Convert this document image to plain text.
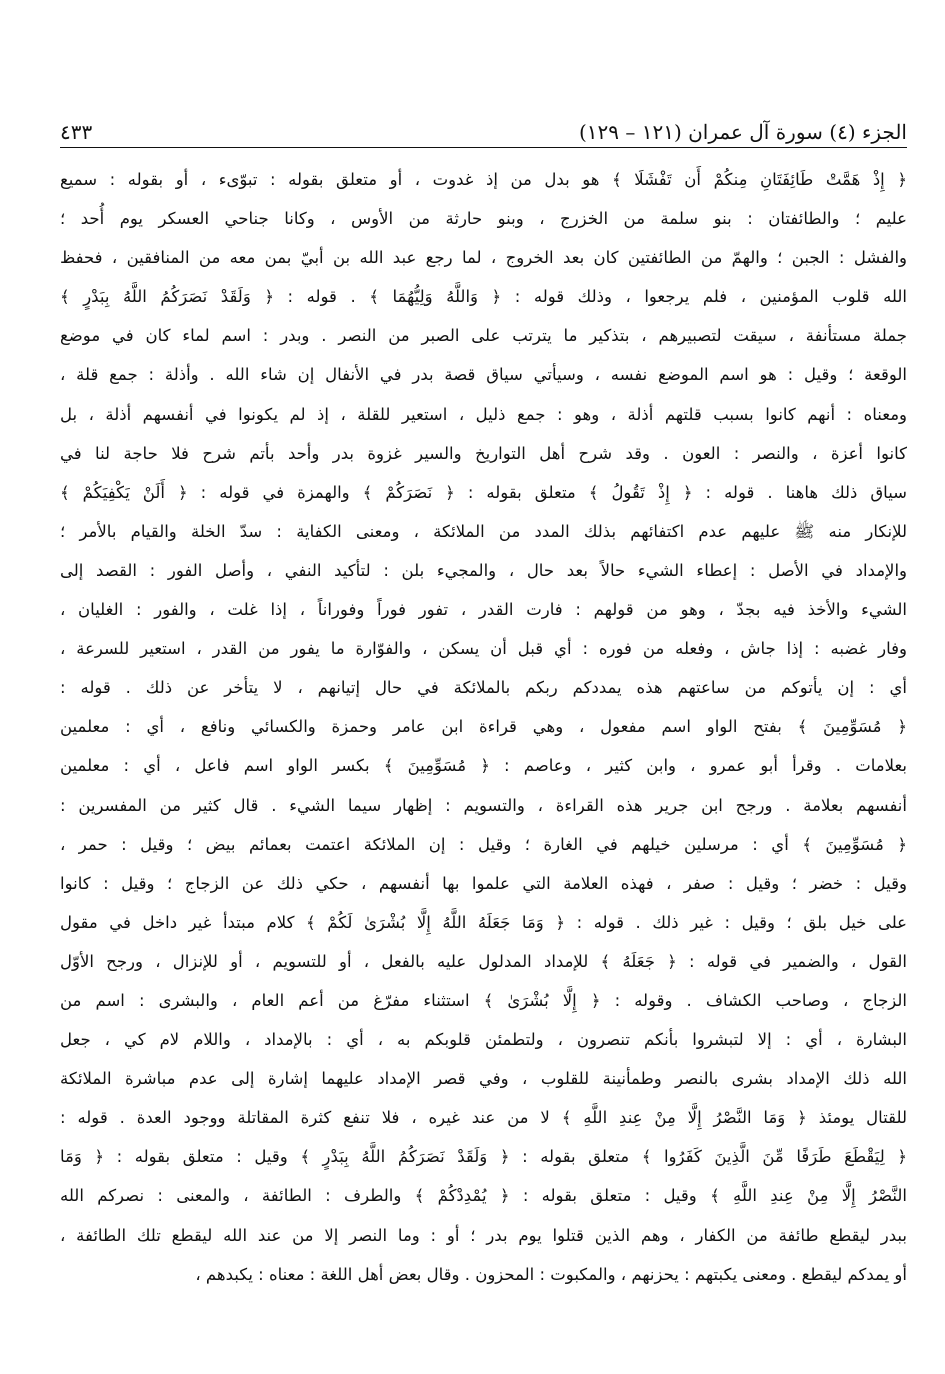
الجزء (٤) سورة آل عمران (١٢١ – ١٢٩)
٤٣٣
﴿ إِذْ هَمَّتْ طَائِفَتَانِ مِنكُمْ أَن تَفْشَلَا ﴾ هو بدل من إذ غدوت ، أو متعلق بقوله : تبوّىء ، أو بقوله : سميع
عليم ؛ والطائفتان : بنو سلمة من الخزرج ، وبنو حارثة من الأوس ، وكانا جناحي العسكر يوم أُحد ؛
والفشل : الجبن ؛ والهمّ من الطائفتين كان بعد الخروج ، لما رجع عبد الله بن أبيّ بمن معه من المنافقين ، فحفظ
الله قلوب المؤمنين ، فلم يرجعوا ، وذلك قوله : ﴿ وَاللَّهُ وَلِيُّهُمَا ﴾ . قوله : ﴿ وَلَقَدْ نَصَرَكُمُ اللَّهُ بِبَدْرٍ ﴾
جملة مستأنفة ، سيقت لتصبيرهم ، بتذكير ما يترتب على الصبر من النصر . وبدر : اسم لماء كان في موضع
الوقعة ؛ وقيل : هو اسم الموضع نفسه ، وسيأتي سياق قصة بدر في الأنفال إن شاء الله . وأذلة : جمع قلة ،
ومعناه : أنهم كانوا بسبب قلتهم أذلة ، وهو : جمع ذليل ، استعير للقلة ، إذ لم يكونوا في أنفسهم أذلة ، بل
كانوا أعزة ، والنصر : العون . وقد شرح أهل التواريخ والسير غزوة بدر وأحد بأتم شرح فلا حاجة لنا في
سياق ذلك هاهنا . قوله : ﴿ إِذْ تَقُولُ ﴾ متعلق بقوله : ﴿ نَصَرَكُمْ ﴾ والهمزة في قوله : ﴿ أَلَنْ يَكْفِيَكُمْ ﴾
للإنكار منه ﷺ عليهم عدم اكتفائهم بذلك المدد من الملائكة ، ومعنى الكفاية : سدّ الخلة والقيام بالأمر ؛
والإمداد في الأصل : إعطاء الشيء حالاً بعد حال ، والمجيء بلن : لتأكيد النفي ، وأصل الفور : القصد إلى
الشيء والأخذ فيه بجدّ ، وهو من قولهم : فارت القدر ، تفور فوراً وفوراناً ، إذا غلت ، والفور : الغليان ،
وفار غضبه : إذا جاش ، وفعله من فوره : أي قبل أن يسكن ، والفوّارة ما يفور من القدر ، استعير للسرعة ،
أي : إن يأتوكم من ساعتهم هذه يمددكم ربكم بالملائكة في حال إتيانهم ، لا يتأخر عن ذلك . قوله :
﴿ مُسَوِّمِينَ ﴾ بفتح الواو اسم مفعول ، وهي قراءة ابن عامر وحمزة والكسائي ونافع ، أي : معلمين
بعلامات . وقرأ أبو عمرو ، وابن كثير ، وعاصم : ﴿ مُسَوِّمِينَ ﴾ بكسر الواو اسم فاعل ، أي : معلمين
أنفسهم بعلامة . ورجح ابن جرير هذه القراءة ، والتسويم : إظهار سيما الشيء . قال كثير من المفسرين :
﴿ مُسَوِّمِينَ ﴾ أي : مرسلين خيلهم في الغارة ؛ وقيل : إن الملائكة اعتمت بعمائم بيض ؛ وقيل : حمر ،
وقيل : خضر ؛ وقيل : صفر ، فهذه العلامة التي علموا بها أنفسهم ، حكي ذلك عن الزجاج ؛ وقيل : كانوا
على خيل بلق ؛ وقيل : غير ذلك . قوله : ﴿ وَمَا جَعَلَهُ اللَّهُ إِلَّا بُشْرَىٰ لَكُمْ ﴾ كلام مبتدأ غير داخل في مقول
القول ، والضمير في قوله : ﴿ جَعَلَهُ ﴾ للإمداد المدلول عليه بالفعل ، أو للتسويم ، أو للإنزال ، ورجح الأوّل
الزجاج ، وصاحب الكشاف . وقوله : ﴿ إِلَّا بُشْرَىٰ ﴾ استثناء مفرّغ من أعم العام ، والبشرى : اسم من
البشارة ، أي : إلا لتبشروا بأنكم تنصرون ، ولتطمئن قلوبكم به ، أي : بالإمداد ، واللام لام كي ، جعل
الله ذلك الإمداد بشرى بالنصر وطمأنينة للقلوب ، وفي قصر الإمداد عليهما إشارة إلى عدم مباشرة الملائكة
للقتال يومئذ ﴿ وَمَا النَّصْرُ إِلَّا مِنْ عِندِ اللَّهِ ﴾ لا من عند غيره ، فلا تنفع كثرة المقاتلة ووجود العدة . قوله :
﴿ لِيَقْطَعَ طَرَفًا مِّنَ الَّذِينَ كَفَرُوا ﴾ متعلق بقوله : ﴿ وَلَقَدْ نَصَرَكُمُ اللَّهُ بِبَدْرٍ ﴾ وقيل : متعلق بقوله : ﴿ وَمَا
النَّصْرُ إِلَّا مِنْ عِندِ اللَّهِ ﴾ وقيل : متعلق بقوله : ﴿ يُمْدِدْكُمْ ﴾ والطرف : الطائفة ، والمعنى : نصركم الله
ببدر ليقطع طائفة من الكفار ، وهم الذين قتلوا يوم بدر ؛ أو : وما النصر إلا من عند الله ليقطع تلك الطائفة ،
أو يمدكم ليقطع . ومعنى يكبتهم : يحزنهم ، والمكبوت : المحزون . وقال بعض أهل اللغة : معناه : يكبدهم ،
